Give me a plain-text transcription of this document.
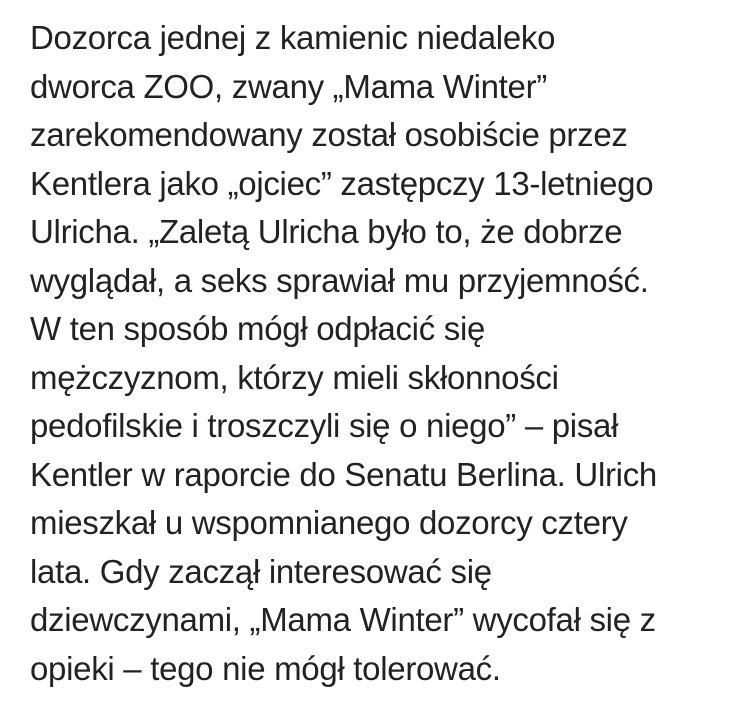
Dozorca jednej z kamienic niedaleko
dworca ZOO, zwany „Mama Winter”
zarekomendowany został osobiście przez
Kentlera jako „ojciec” zastępczy 13-letniego
Ulricha. „Zaletą Ulricha było to, że dobrze
wyglądał, a seks sprawiał mu przyjemność.
W ten sposób mógł odpłacić się
mężczyznom, którzy mieli skłonności
pedofilskie i troszczyli się o niego” – pisał
Kentler w raporcie do Senatu Berlina. Ulrich
mieszkał u wspomnianego dozorcy cztery
lata. Gdy zaczął interesować się
dziewczynami, „Mama Winter” wycofał się z
opieki – tego nie mógł tolerować.
